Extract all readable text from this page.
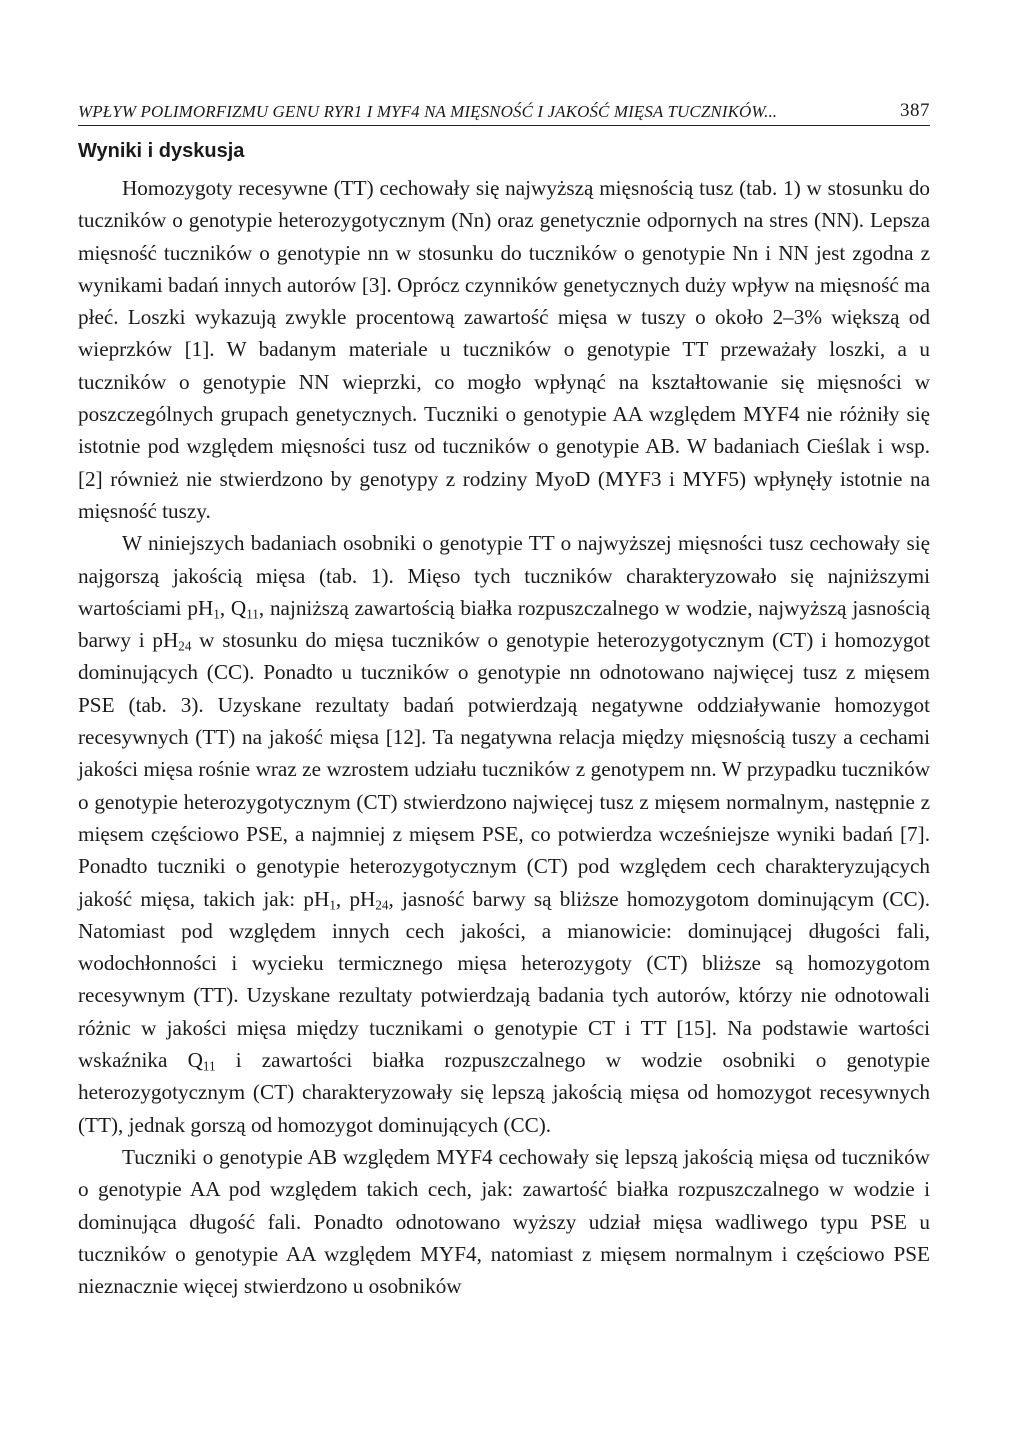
WPŁYW POLIMORFIZMU GENU RYR1 I MYF4 NA MIĘSNOŚĆ I JAKOŚĆ MIĘSA TUCZNIKÓW...	387
Wyniki i dyskusja

Homozygoty recesywne (TT) cechowały się najwyższą mięsnością tusz (tab. 1) w stosunku do tuczników o genotypie heterozygotycznym (Nn) oraz genetycznie odpornych na stres (NN). Lepsza mięsność tuczników o genotypie nn w stosunku do tuczników o genotypie Nn i NN jest zgodna z wynikami badań innych autorów [3]. Oprócz czynników genetycznych duży wpływ na mięsność ma płeć. Loszki wykazują zwykle procentową zawartość mięsa w tuszy o około 2–3% większą od wieprzków [1]. W badanym materiale u tuczników o genotypie TT przeważały loszki, a u tuczników o genotypie NN wieprzki, co mogło wpłynąć na kształtowanie się mięsności w poszczególnych grupach genetycznych. Tuczniki o genotypie AA względem MYF4 nie różniły się istotnie pod względem mięsności tusz od tuczników o genotypie AB. W badaniach Cieślak i wsp. [2] również nie stwierdzono by genotypy z rodziny MyoD (MYF3 i MYF5) wpłynęły istotnie na mięsność tuszy.

W niniejszych badaniach osobniki o genotypie TT o najwyższej mięsności tusz cechowały się najgorszą jakością mięsa (tab. 1). Mięso tych tuczników charakteryzowało się najniższymi wartościami $pH_1$, $Q_{11}$, najniższą zawartością białka rozpuszczalnego w wodzie, najwyższą jasnością barwy i $pH_{24}$ w stosunku do mięsa tuczników o genotypie heterozygotycznym (CT) i homozygot dominujących (CC). Ponadto u tuczników o genotypie nn odnotowano najwięcej tusz z mięsem PSE (tab. 3). Uzyskane rezultaty badań potwierdzają negatywne oddziaływanie homozygot recesywnych (TT) na jakość mięsa [12]. Ta negatywna relacja między mięsnością tuszy a cechami jakości mięsa rośnie wraz ze wzrostem udziału tuczników z genotypem nn. W przypadku tuczników o genotypie heterozygotycznym (CT) stwierdzono najwięcej tusz z mięsem normalnym, następnie z mięsem częściowo PSE, a najmniej z mięsem PSE, co potwierdza wcześniejsze wyniki badań [7]. Ponadto tuczniki o genotypie heterozygotycznym (CT) pod względem cech charakteryzujących jakość mięsa, takich jak: $pH_1$, $pH_{24}$, jasność barwy są bliższe homozygotom dominującym (CC). Natomiast pod względem innych cech jakości, a mianowicie: dominującej długości fali, wodochłonności i wycieku termicznego mięsa heterozygoty (CT) bliższe są homozygotom recesywnym (TT). Uzyskane rezultaty potwierdzają badania tych autorów, którzy nie odnotowali różnic w jakości mięsa między tucznikami o genotypie CT i TT [15]. Na podstawie wartości wskaźnika $Q_{11}$ i zawartości białka rozpuszczalnego w wodzie osobniki o genotypie heterozygotycznym (CT) charakteryzowały się lepszą jakością mięsa od homozygot recesywnych (TT), jednak gorszą od homozygot dominujących (CC).

Tuczniki o genotypie AB względem MYF4 cechowały się lepszą jakością mięsa od tuczników o genotypie AA pod względem takich cech, jak: zawartość białka rozpuszczalnego w wodzie i dominująca długość fali. Ponadto odnotowano wyższy udział mięsa wadliwego typu PSE u tuczników o genotypie AA względem MYF4, natomiast z mięsem normalnym i częściowo PSE nieznacznie więcej stwierdzono u osobników
